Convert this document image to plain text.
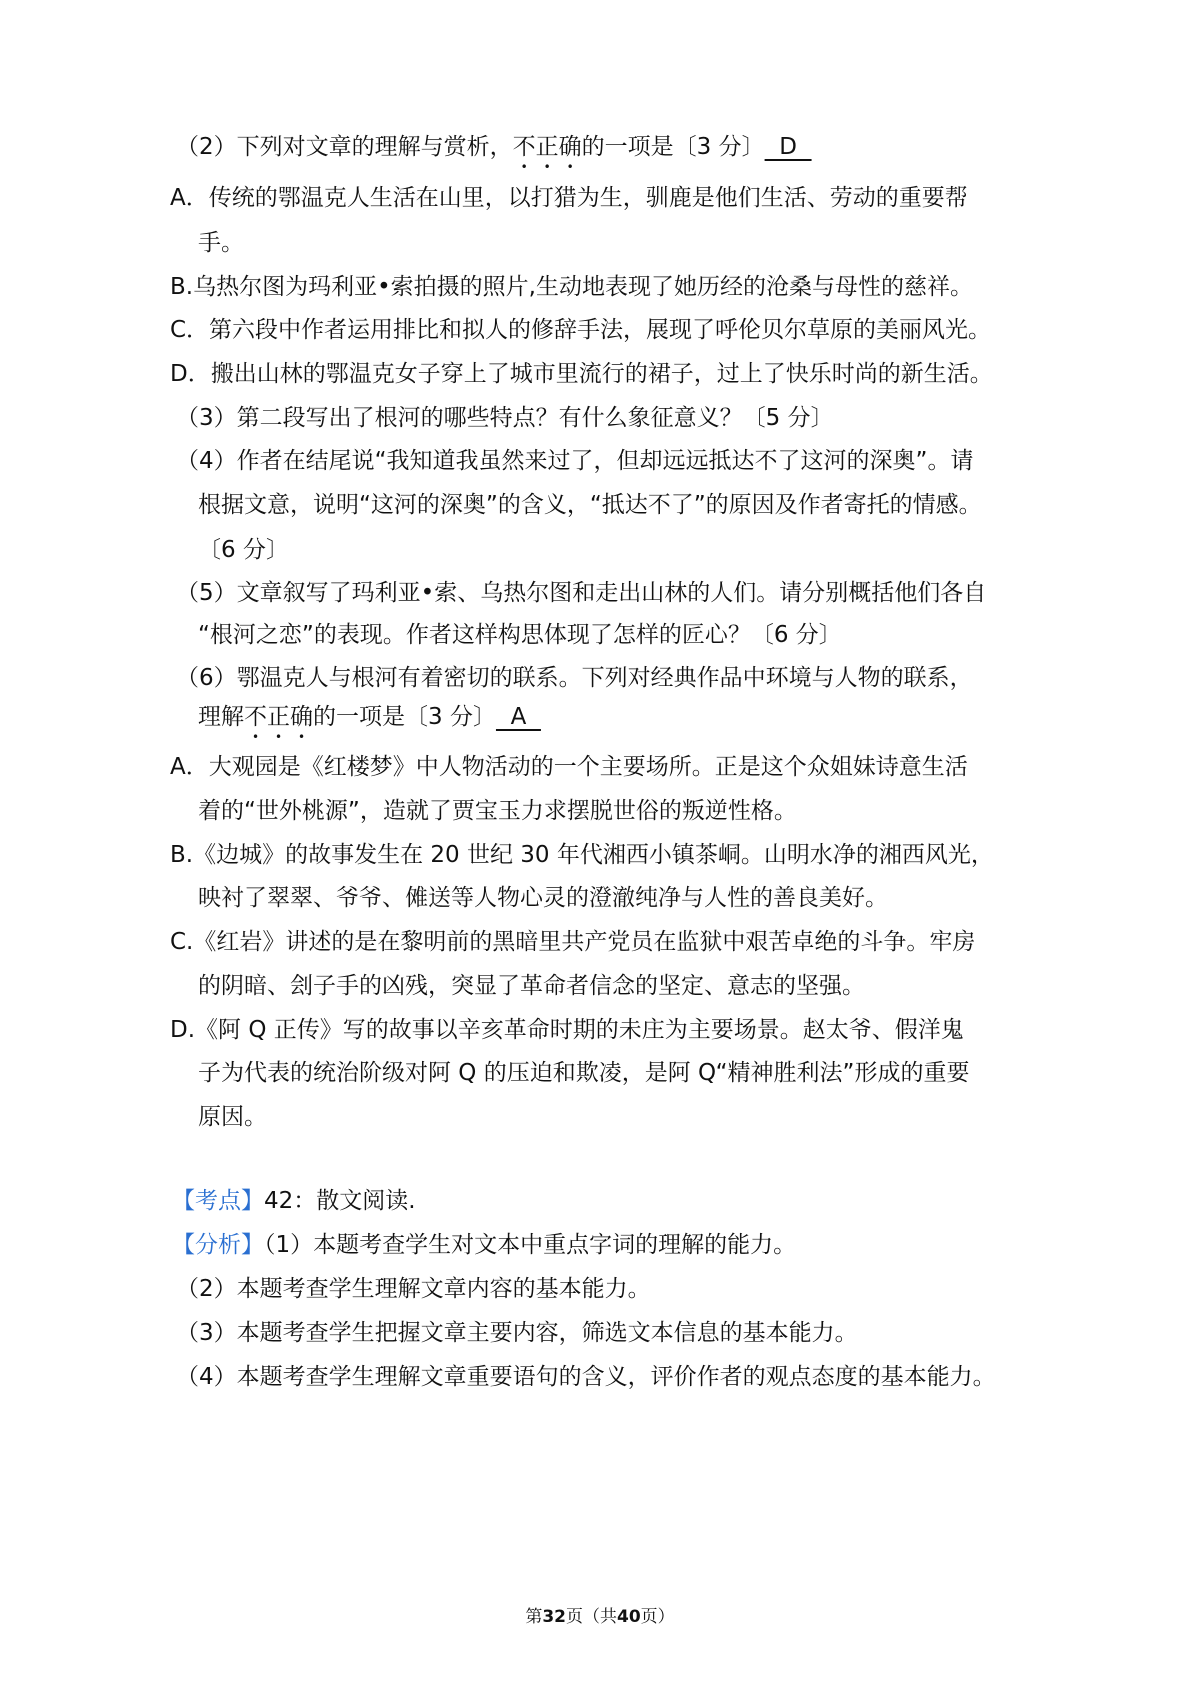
（2）下列对文章的理解与赏析，不正确的一项是〔3 分〕  D
A．传统的鄂温克人生活在山里，以打猎为生，驯鹿是他们生活、劳动的重要帮
手。
B.乌热尔图为玛利亚•索拍摄的照片,生动地表现了她历经的沧桑与母性的慈祥。
C．第六段中作者运用排比和拟人的修辞手法，展现了呼伦贝尔草原的美丽风光。
D．搬出山林的鄂温克女子穿上了城市里流行的裙子，过上了快乐时尚的新生活。
（3）第二段写出了根河的哪些特点？有什么象征意义？〔5 分〕
（4）作者在结尾说“我知道我虽然来过了，但却远远抵达不了这河的深奥”。请
根据文意，说明“这河的深奥”的含义，“抵达不了”的原因及作者寄托的情感。
〔6 分〕
（5）文章叙写了玛利亚•索、乌热尔图和走出山林的人们。请分别概括他们各自
“根河之恋”的表现。作者这样构思体现了怎样的匠心？〔6 分〕
（6）鄂温克人与根河有着密切的联系。下列对经典作品中环境与人物的联系，
理解不正确的一项是〔3 分〕  A
A．大观园是《红楼梦》中人物活动的一个主要场所。正是这个众姐妹诗意生活
着的“世外桃源”，造就了贾宝玉力求摆脱世俗的叛逆性格。
B.《边城》的故事发生在 20 世纪 30 年代湘西小镇茶峒。山明水净的湘西风光，
映衬了翠翠、爷爷、傩送等人物心灵的澄澈纯净与人性的善良美好。
C.《红岩》讲述的是在黎明前的黑暗里共产党员在监狱中艰苦卓绝的斗争。牢房
的阴暗、刽子手的凶残，突显了革命者信念的坚定、意志的坚强。
D.《阿 Q 正传》写的故事以辛亥革命时期的未庄为主要场景。赵太爷、假洋鬼
子为代表的统治阶级对阿 Q 的压迫和欺凌，是阿 Q“精神胜利法”形成的重要
原因。
【考点】42：散文阅读.
【分析】（1）本题考查学生对文本中重点字词的理解的能力。
（2）本题考查学生理解文章内容的基本能力。
（3）本题考查学生把握文章主要内容，筛选文本信息的基本能力。
（4）本题考查学生理解文章重要语句的含义，评价作者的观点态度的基本能力。
第32页（共40页）
